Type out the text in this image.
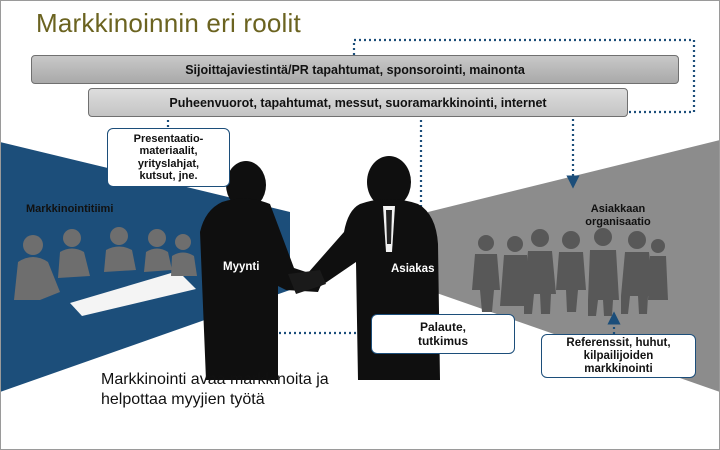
Markkinoinnin eri roolit
Sijoittajaviestintä/PR tapahtumat, sponsorointi, mainonta
Puheenvuorot, tapahtumat, messut, suoramarkkinointi, internet
Presentaatio-
materiaalit,
yrityslahjat,
kutsut, jne.
Palaute,
tutkimus	Referenssit, huhut,
kilpailijoiden
markkinointi
Markkinointitiimi	Asiakkaan
organisaatio
Myynti	Asiakas
Markkinointi avaa markkinoita ja
helpottaa myyjien työtä
